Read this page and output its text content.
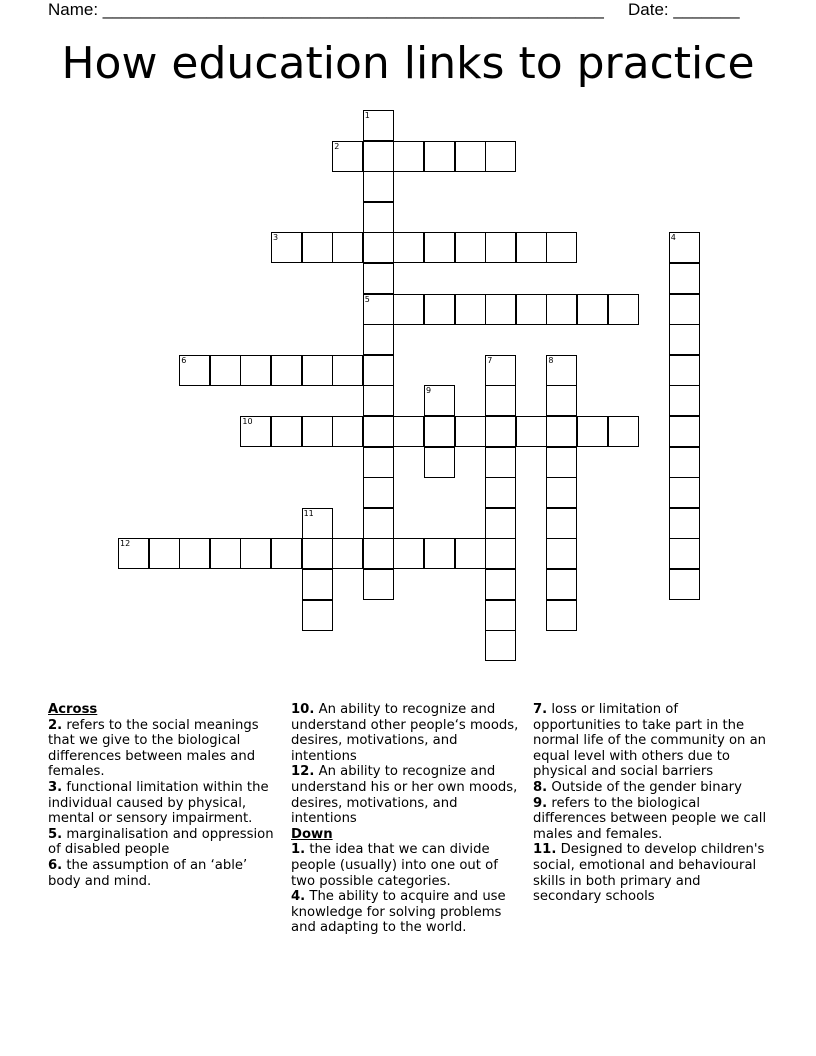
Name: _____________________________________________________ Date: _______
How education links to practice
1
5
2
3	4
6	7	8
9
10
11
12
Across

2. refers to the social meanings that we give to the biological differences between males and females.

3. functional limitation within the individual caused by physical, mental or sensory impairment.

5. marginalisation and oppression of disabled people

6. the assumption of an ‘able’ body and mind.

10. An ability to recognize and understand other people‘s moods, desires, motivations, and intentions

12. An ability to recognize and understand his or her own moods, desires, motivations, and intentions

Down

1. the idea that we can divide people (usually) into one out of two possible categories.

4. The ability to acquire and use knowledge for solving problems and adapting to the world.

7. loss or limitation of opportunities to take part in the normal life of the community on an equal level with others due to physical and social barriers

8. Outside of the gender binary

9. refers to the biological differences between people we call males and females.

11. Designed to develop children's social, emotional and behavioural skills in both primary and secondary schools
